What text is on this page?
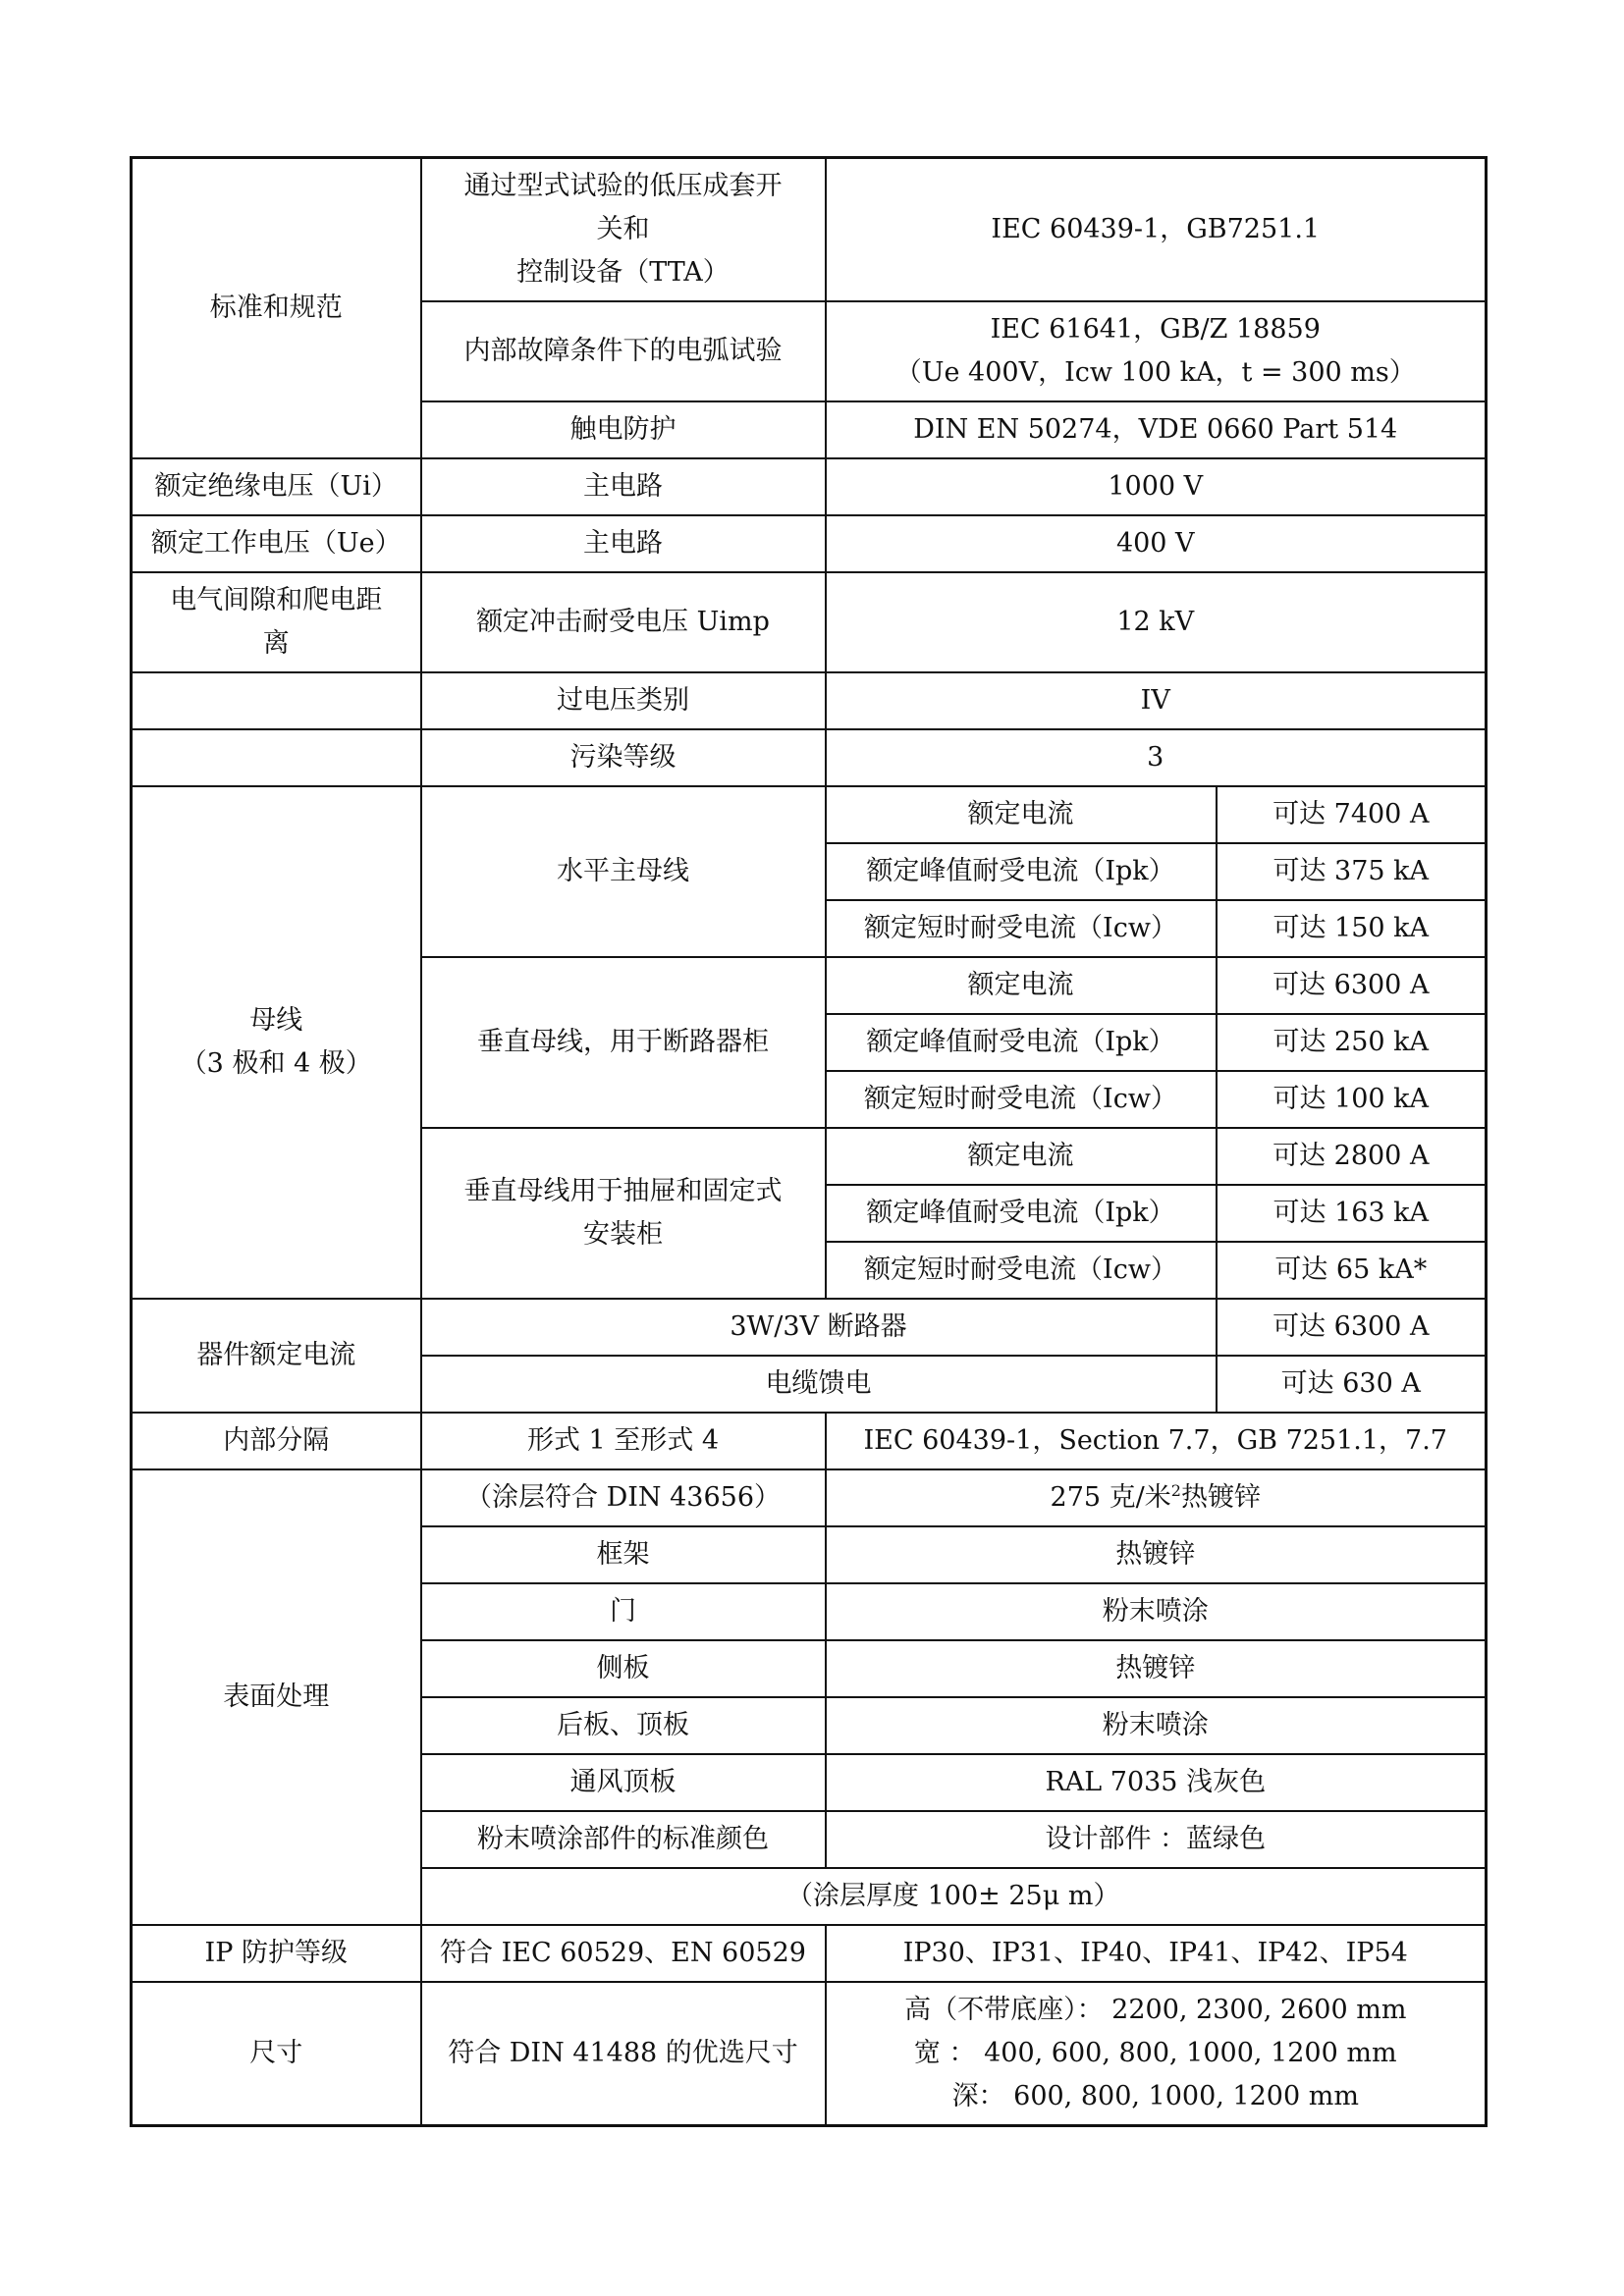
标准和规范	通过型式试验的低压成套开
关和
控制设备（TTA）	IEC 60439-1，GB7251.1	
	内部故障条件下的电弧试验	IEC 61641，GB/Z 18859
（Ue 400V，Icw 100 kA，t = 300 ms）	
	触电防护	DIN EN 50274，VDE 0660 Part 514	
额定绝缘电压（Ui）	主电路	1000 V	
额定工作电压（Ue）	主电路	400 V	
电气间隙和爬电距
离	额定冲击耐受电压 Uimp	12 kV	
	过电压类别	IV	
	污染等级	3	
母线
（3 极和 4 极）	水平主母线	额定电流	可达 7400 A
		额定峰值耐受电流（Ipk）	可达 375 kA
		额定短时耐受电流（Icw）	可达 150 kA
	垂直母线，用于断路器柜	额定电流	可达 6300 A
		额定峰值耐受电流（Ipk）	可达 250 kA
		额定短时耐受电流（Icw）	可达 100 kA
	垂直母线用于抽屉和固定式
安装柜	额定电流	可达 2800 A
		额定峰值耐受电流（Ipk）	可达 163 kA
		额定短时耐受电流（Icw）	可达 65 kA*
器件额定电流	3W/3V 断路器		可达 6300 A
	电缆馈电		可达 630 A
内部分隔	形式 1 至形式 4	IEC 60439-1，Section 7.7，GB 7251.1，7.7	
表面处理	（涂层符合 DIN 43656）	275 克/米$^2$热镀锌	
	框架	热镀锌	
	门	粉末喷涂	
	侧板	热镀锌	
	后板、顶板	粉末喷涂	
	通风顶板	RAL 7035 浅灰色	
	粉末喷涂部件的标准颜色	设计部件 ：蓝绿色	
	（涂层厚度 100± 25μ m）		
IP 防护等级	符合 IEC 60529、EN 60529	IP30、IP31、IP40、IP41、IP42、IP54	
尺寸	符合 DIN 41488 的优选尺寸	高（不带底座）： 2200, 2300, 2600 mm
宽 ： 400, 600, 800, 1000, 1200 mm
深： 600, 800, 1000, 1200 mm	
